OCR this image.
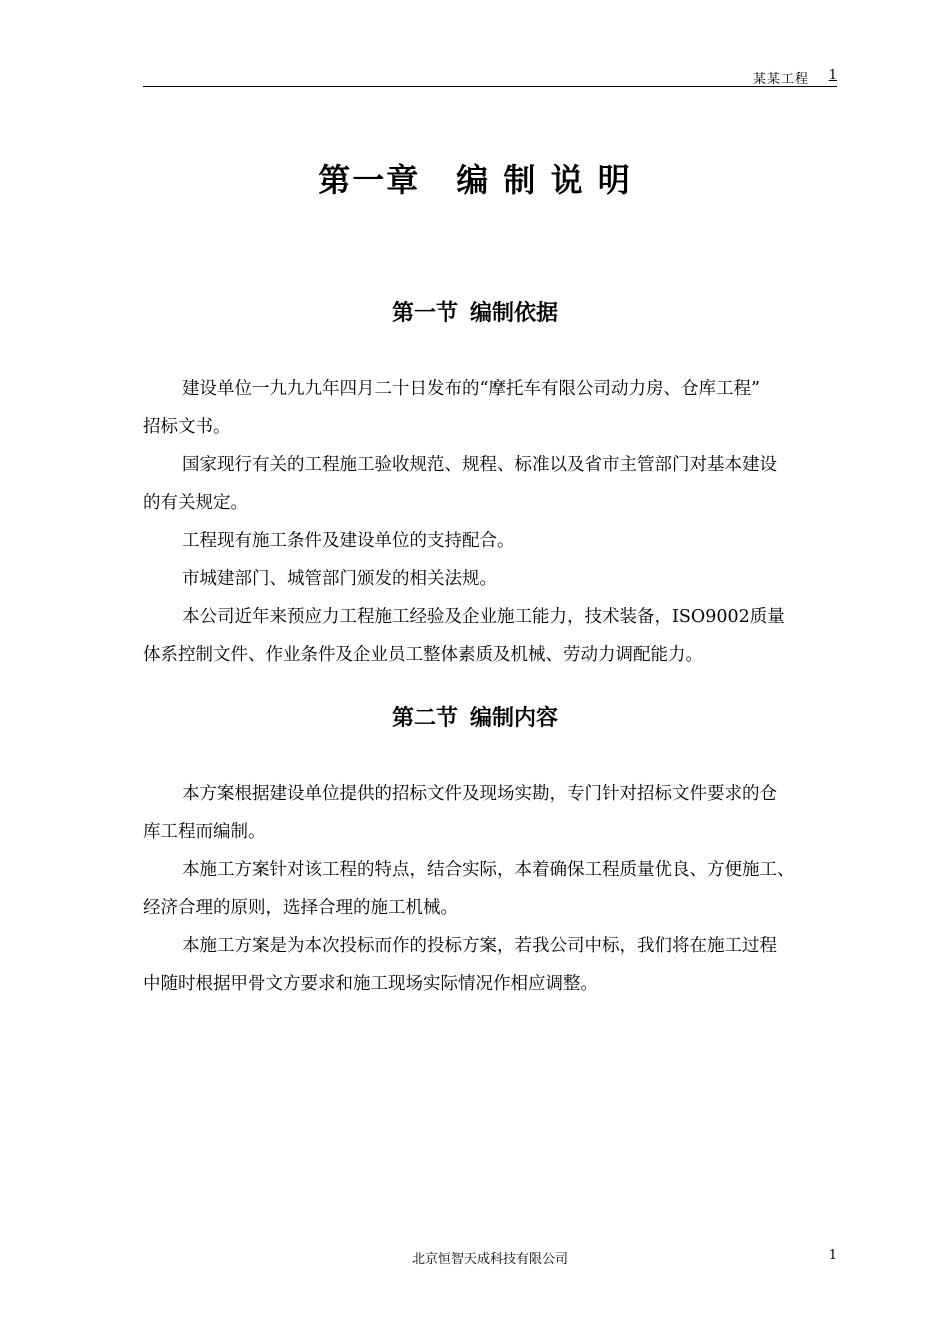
某某工程 1
第一章 编 制 说 明
第一节 编制依据
建设单位一九九九年四月二十日发布的“摩托车有限公司动力房、仓库工程”
招标文书。
国家现行有关的工程施工验收规范、规程、标准以及省市主管部门对基本建设
的有关规定。
工程现有施工条件及建设单位的支持配合。
市城建部门、城管部门颁发的相关法规。
本公司近年来预应力工程施工经验及企业施工能力，技术装备，ISO9002质量
体系控制文件、作业条件及企业员工整体素质及机械、劳动力调配能力。
第二节 编制内容
本方案根据建设单位提供的招标文件及现场实勘，专门针对招标文件要求的仓
库工程而编制。
本施工方案针对该工程的特点，结合实际，本着确保工程质量优良、方便施工、
经济合理的原则，选择合理的施工机械。
本施工方案是为本次投标而作的投标方案，若我公司中标，我们将在施工过程
中随时根据甲骨文方要求和施工现场实际情况作相应调整。
北京恒智天成科技有限公司	1
